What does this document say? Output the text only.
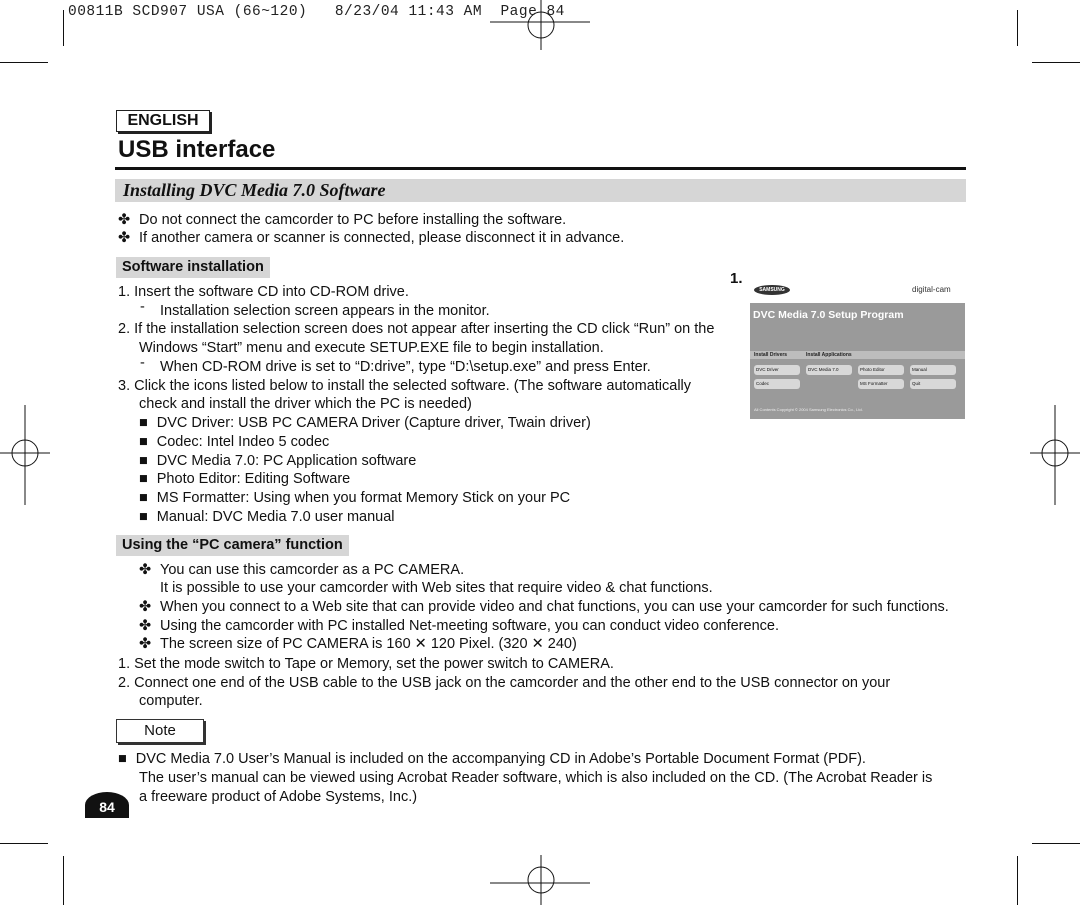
00811B SCD907 USA (66~120)   8/23/04 11:43 AM  Page 84
ENGLISH
USB interface
Installing DVC Media 7.0 Software
✤ Do not connect the camcorder to PC before installing the software.
✤ If another camera or scanner is connected, please disconnect it in advance.
Software installation
1. Insert the software CD into CD-ROM drive.
- Installation selection screen appears in the monitor.
2. If the installation selection screen does not appear after inserting the CD click “Run” on the
Windows “Start” menu and execute SETUP.EXE file to begin installation.
- When CD-ROM drive is set to “D:drive”, type “D:\setup.exe” and press Enter.
3. Click the icons listed below to install the selected software. (The software automatically
check and install the driver which the PC is needed)
■ DVC Driver: USB PC CAMERA Driver (Capture driver, Twain driver)
■ Codec: Intel Indeo 5 codec
■ DVC Media 7.0: PC Application software
■ Photo Editor: Editing Software
■ MS Formatter: Using when you format Memory Stick on your PC
■ Manual: DVC Media 7.0 user manual
1.
SAMSUNG	digital-cam
DVC Media 7.0 Setup Program
Install Drivers	Install Applications
DVC Driver	DVC Media 7.0	Photo Editor	Manual
Codec	MS Formatter	Quit
All Contents Copyright © 2004 Samsung Electronics Co., Ltd.
Using the “PC camera” function
✤ You can use this camcorder as a PC CAMERA.
It is possible to use your camcorder with Web sites that require video & chat functions.
✤ When you connect to a Web site that can provide video and chat functions, you can use your camcorder for such functions.
✤ Using the camcorder with PC installed Net-meeting software, you can conduct video conference.
✤ The screen size of PC CAMERA is 160 ✕ 120 Pixel. (320 ✕ 240)
1. Set the mode switch to Tape or Memory, set the power switch to CAMERA.
2. Connect one end of the USB cable to the USB jack on the camcorder and the other end to the USB connector on your
computer.
Note
■ DVC Media 7.0 User’s Manual is included on the accompanying CD in Adobe’s Portable Document Format (PDF).
The user’s manual can be viewed using Acrobat Reader software, which is also included on the CD. (The Acrobat Reader is
a freeware product of Adobe Systems, Inc.)
84
